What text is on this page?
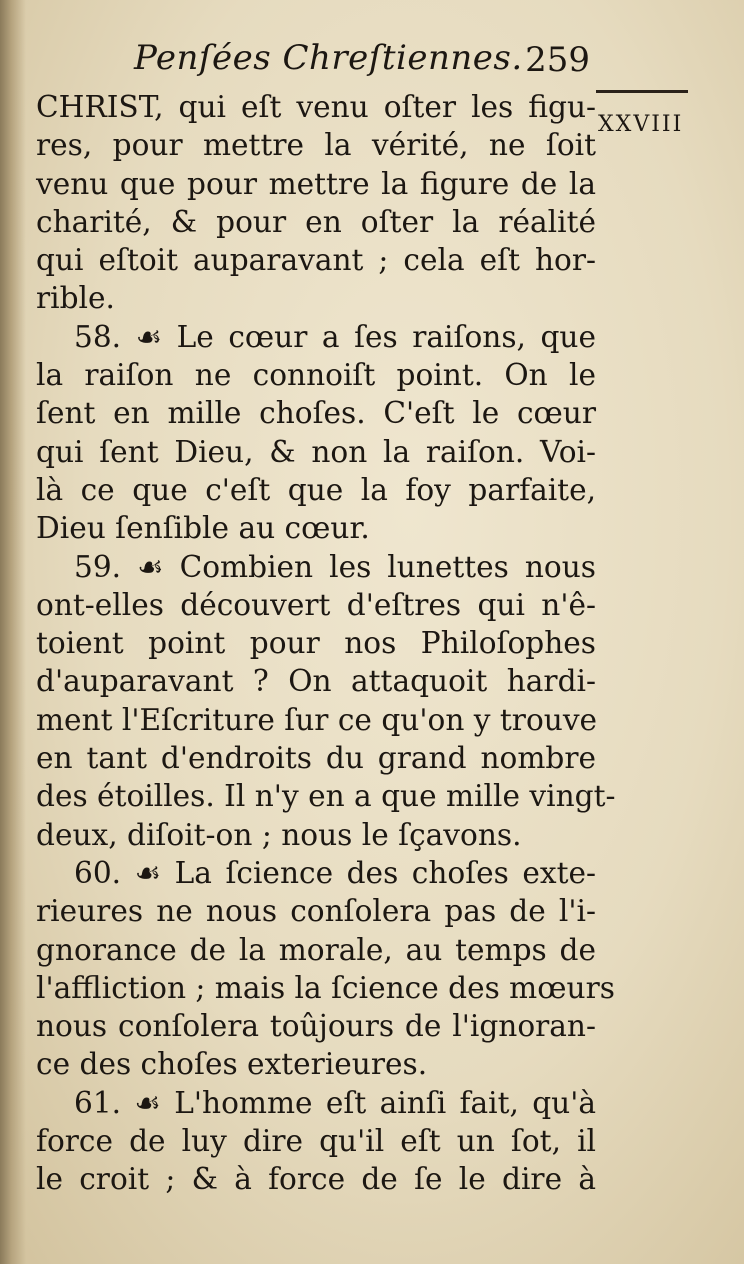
Penſées Chreſtiennes. 259
XXVIII
CHRIST, qui eſt venu oſter les figu-
res, pour mettre la vérité, ne ſoit
venu que pour mettre la figure de la
charité, & pour en oſter la réalité
qui eſtoit auparavant ; cela eſt hor-
rible.
58. ☙ Le cœur a ſes raiſons, que
la raiſon ne connoiſt point. On le
ſent en mille choſes. C'eſt le cœur
qui ſent Dieu, & non la raiſon. Voi-
là ce que c'eſt que la foy parfaite,
Dieu ſenſible au cœur.
59. ☙ Combien les lunettes nous
ont-elles découvert d'eſtres qui n'ê-
toient point pour nos Philoſophes
d'auparavant ? On attaquoit hardi-
ment l'Eſcriture ſur ce qu'on y trouve
en tant d'endroits du grand nombre
des étoilles. Il n'y en a que mille vingt-
deux, diſoit-on ; nous le ſçavons.
60. ☙ La ſcience des choſes exte-
rieures ne nous conſolera pas de l'i-
gnorance de la morale, au temps de
l'affliction ; mais la ſcience des mœurs
nous conſolera toûjours de l'ignoran-
ce des choſes exterieures.
61. ☙ L'homme eſt ainſi fait, qu'à
force de luy dire qu'il eſt un ſot, il
le croit ; & à force de ſe le dire à
